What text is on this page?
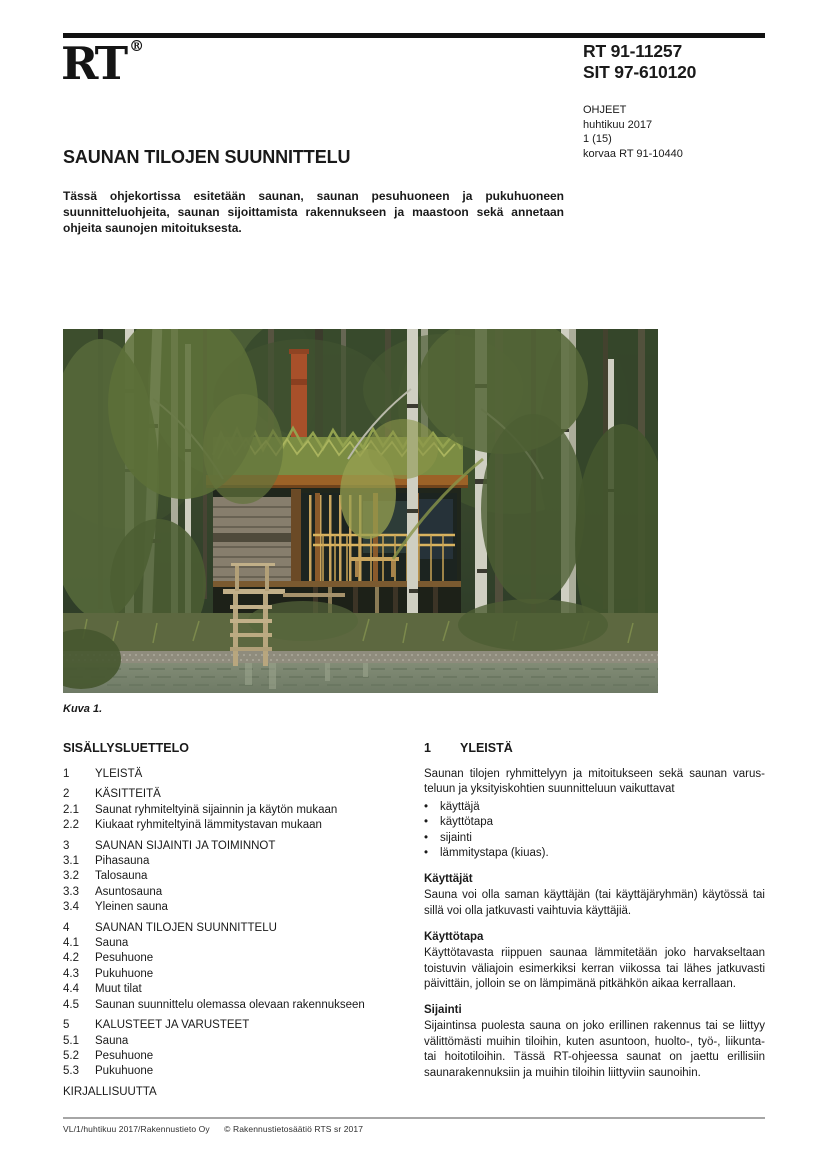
RT ®	RT 91-11257
SIT 97-610120
OHJEET
huhtikuu 2017
1 (15)
korvaa RT 91-10440
SAUNAN TILOJEN SUUNNITTELU
Tässä ohjekortissa esitetään saunan, saunan pesuhuoneen ja pukuhuoneen suunnitteluohjeita, saunan sijoittamista rakennukseen ja maastoon sekä annetaan ohjeita saunojen mitoituksesta.
Kuva 1.
SISÄLLYSLUETTELO
1	YLEISTÄ
2	KÄSITTEITÄ
2.1	Saunat ryhmiteltyinä sijainnin ja käytön mukaan
2.2	Kiukaat ryhmiteltyinä lämmitystavan mukaan
3	SAUNAN SIJAINTI JA TOIMINNOT
3.1	Pihasauna
3.2	Talosauna
3.3	Asuntosauna
3.4	Yleinen sauna
4	SAUNAN TILOJEN SUUNNITTELU
4.1	Sauna
4.2	Pesuhuone
4.3	Pukuhuone
4.4	Muut tilat
4.5	Saunan suunnittelu olemassa olevaan rakennukseen
5	KALUSTEET JA VARUSTEET
5.1	Sauna
5.2	Pesuhuone
5.3	Pukuhuone
KIRJALLISUUTTA
1	YLEISTÄ

Saunan tilojen ryhmittelyyn ja mitoitukseen sekä saunan varusteluun ja yksityiskohtien suunnitteluun vaikuttavat

•	käyttäjä
•	käyttötapa
•	sijainti
•	lämmitystapa (kiuas).
Käyttäjät

Sauna voi olla saman käyttäjän (tai käyttäjäryhmän) käytössä tai sillä voi olla jatkuvasti vaihtuvia käyttäjiä.

Käyttötapa

Käyttötavasta riippuen saunaa lämmitetään joko harvakseltaan toistuvin väliajoin esimerkiksi kerran viikossa tai lähes jatkuvasti päivittäin, jolloin se on lämpimänä pitkähkön aikaa kerrallaan.

Sijainti

Sijaintinsa puolesta sauna on joko erillinen rakennus tai se liittyy välittömästi muihin tiloihin, kuten asuntoon, huolto-, työ-, liikunta- tai hoitotiloihin. Tässä RT-ohjeessa saunat on jaettu erillisiin saunarakennuksiin ja muihin tiloihin liittyviin saunoihin.

VL/1/huhtikuu 2017/Rakennustieto Oy © Rakennustietosäätiö RTS sr 2017
